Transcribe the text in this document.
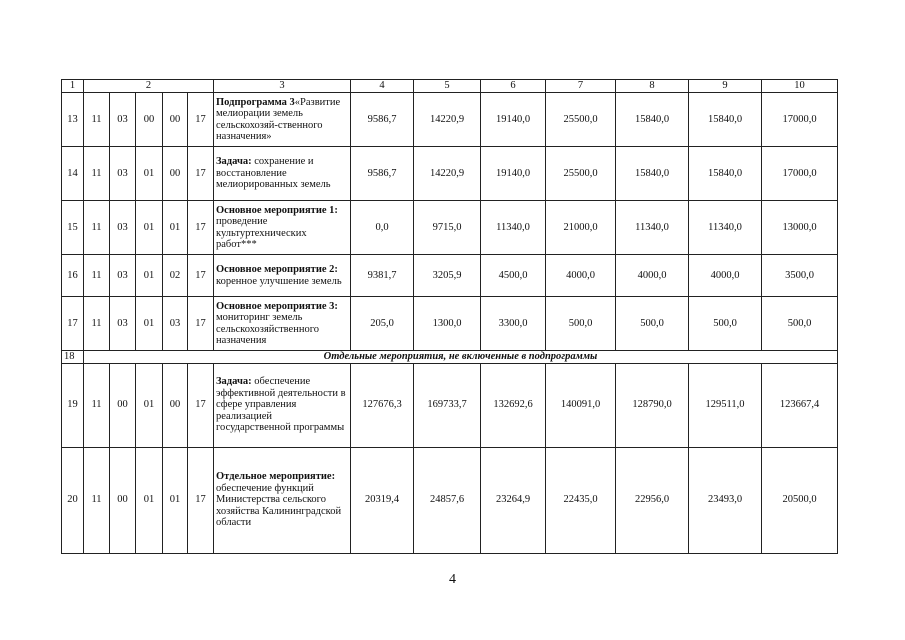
1	2					3	4	5	6	7	8	9	10
13	11	03	00	00	17	Подпрограмма 3«Развитие мелиорации земель сельскохозяй-ственного назначения»	9586,7	14220,9	19140,0	25500,0	15840,0	15840,0	17000,0
14	11	03	01	00	17	Задача: сохранение и восстановление мелиорированных земель	9586,7	14220,9	19140,0	25500,0	15840,0	15840,0	17000,0
15	11	03	01	01	17	Основное мероприятие 1: проведение культуртехнических работ***	0,0	9715,0	11340,0	21000,0	11340,0	11340,0	13000,0
16	11	03	01	02	17	Основное мероприятие 2: коренное улучшение земель	9381,7	3205,9	4500,0	4000,0	4000,0	4000,0	3500,0
17	11	03	01	03	17	Основное мероприятие 3: мониторинг земель сельскохозяйственного назначения	205,0	1300,0	3300,0	500,0	500,0	500,0	500,0
18	Отдельные мероприятия, не включенные в подпрограммы												
19	11	00	01	00	17	Задача: обеспечение эффективной деятельности в сфере управления реализацией государственной программы	127676,3	169733,7	132692,6	140091,0	128790,0	129511,0	123667,4
20	11	00	01	01	17	Отдельное мероприятие: обеспечение функций Министерства сельского хозяйства Калининградской области	20319,4	24857,6	23264,9	22435,0	22956,0	23493,0	20500,0
4
